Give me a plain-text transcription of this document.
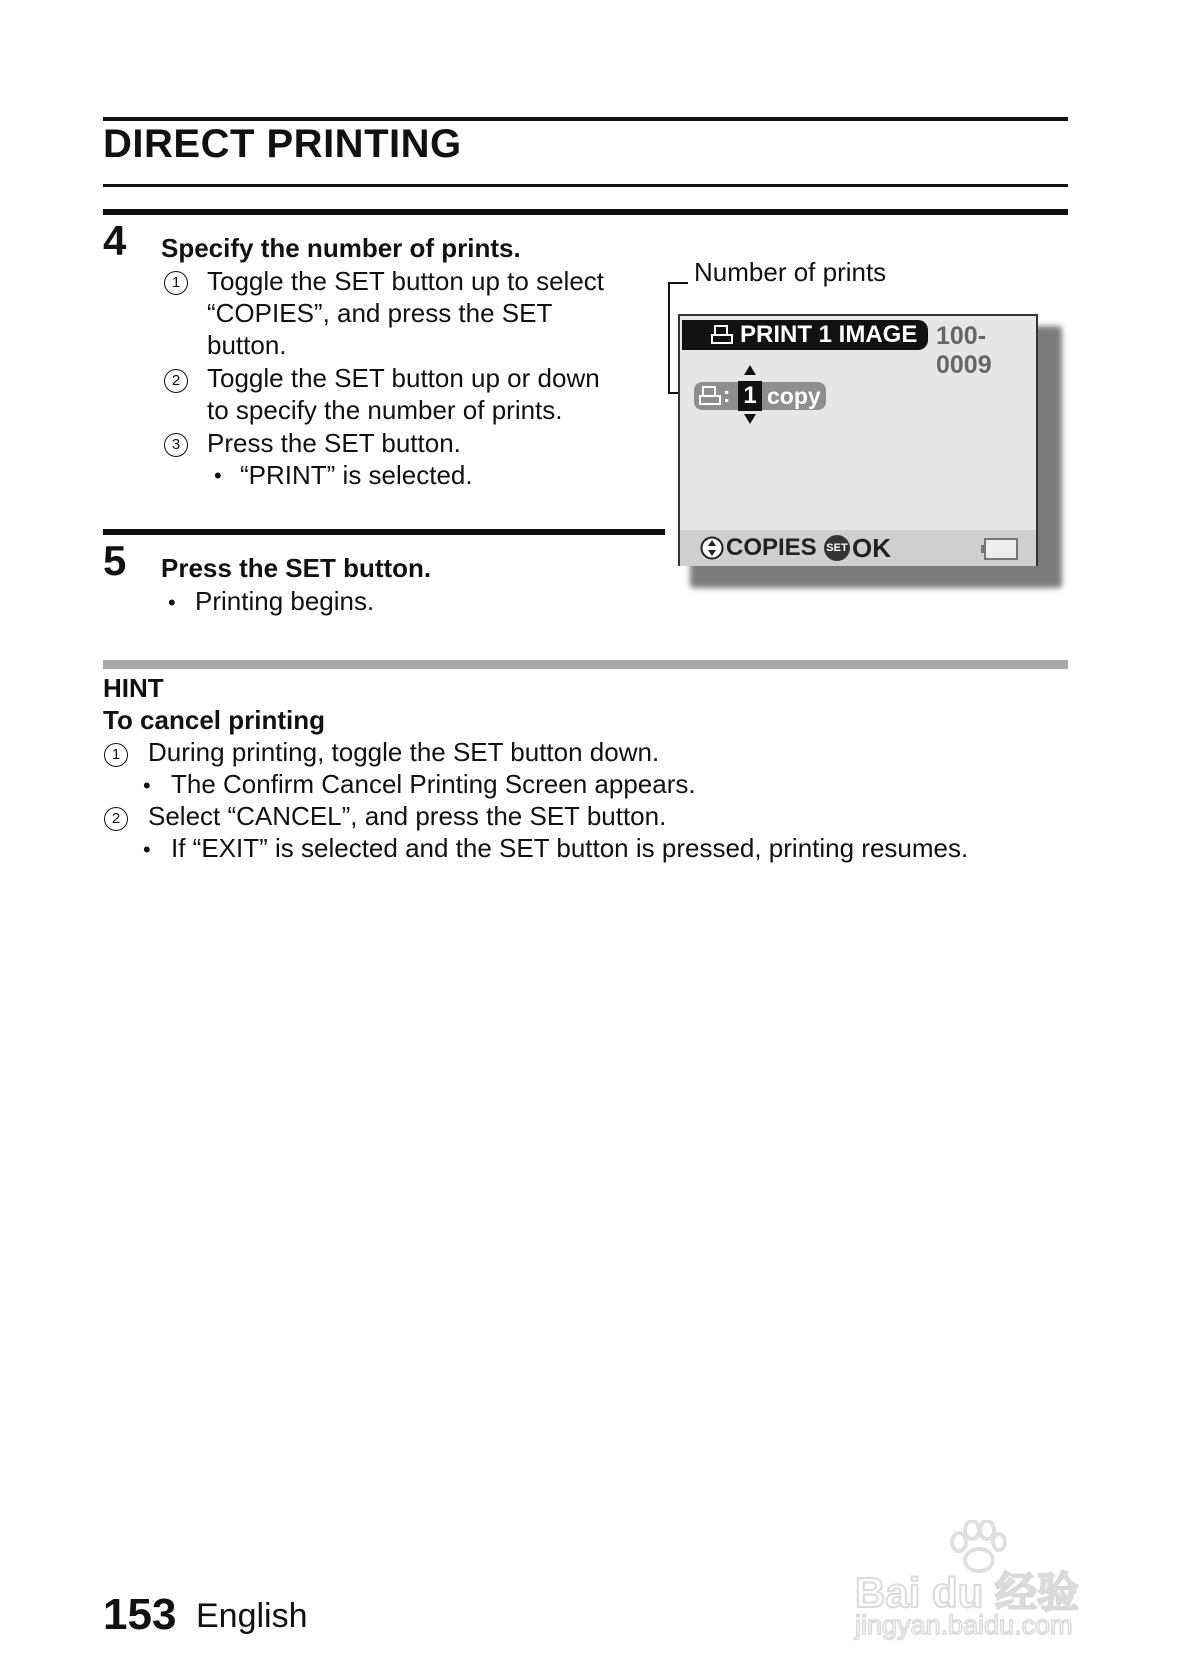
DIRECT PRINTING
4 Specify the number of prints.
1	Toggle the SET button up to select
“COPIES”, and press the SET
button.
2	Toggle the SET button up or down
to specify the number of prints.
3	Press the SET button.
• “PRINT” is selected.
5 Press the SET button.
• Printing begins.
Number of prints
PRINT 1 IMAGE 100-0009
: 1 copy
COPIES SET OK
HINT
To cancel printing
1	During printing, toggle the SET button down.
• The Confirm Cancel Printing Screen appears.
2	Select “CANCEL”, and press the SET button.
• If “EXIT” is selected and the SET button is pressed, printing resumes.
153 English	Bai du 经验
jingyan.baidu.com
